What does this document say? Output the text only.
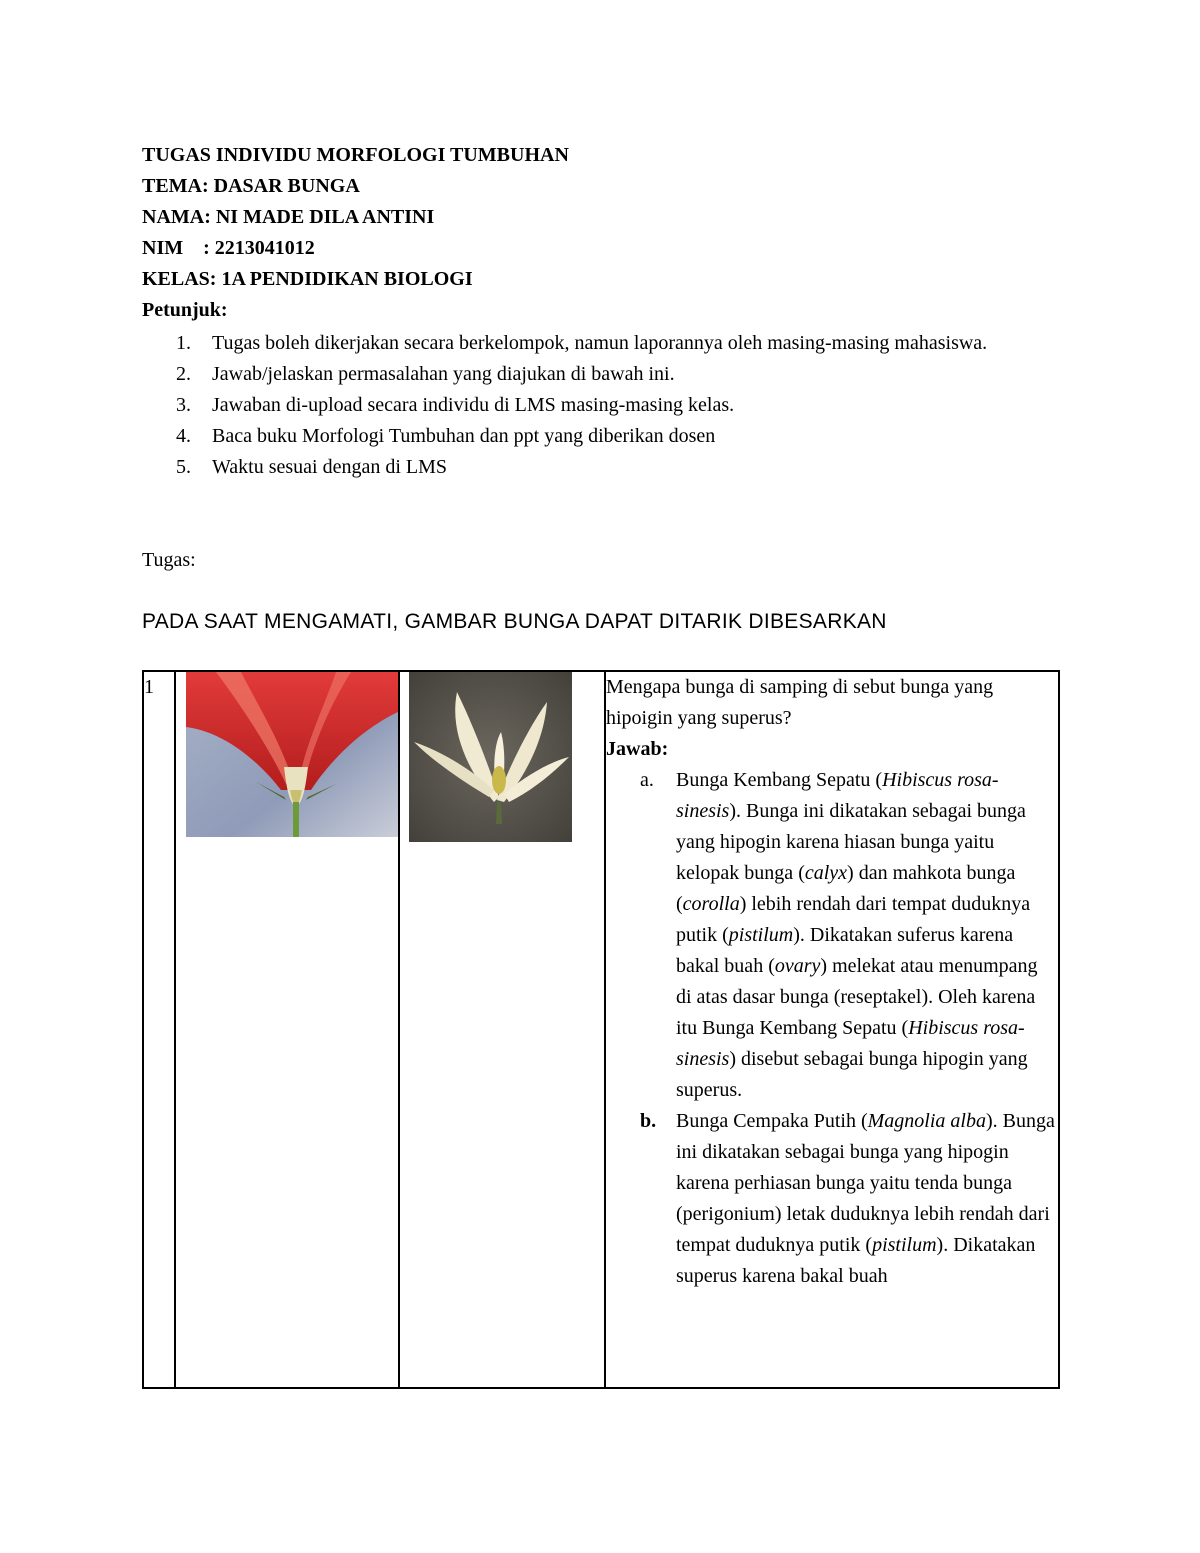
TUGAS INDIVIDU MORFOLOGI TUMBUHAN
TEMA: DASAR BUNGA
NAMA: NI MADE DILA ANTINI
NIM    : 2213041012
KELAS: 1A PENDIDIKAN BIOLOGI
Petunjuk:
1. Tugas boleh dikerjakan secara berkelompok, namun laporannya oleh masing-masing mahasiswa.
2. Jawab/jelaskan permasalahan yang diajukan di bawah ini.
3. Jawaban di-upload secara individu di LMS masing-masing kelas.
4. Baca buku Morfologi Tumbuhan dan ppt yang diberikan dosen
5. Waktu sesuai dengan di LMS
Tugas:
PADA SAAT MENGAMATI, GAMBAR BUNGA DAPAT DITARIK DIBESARKAN
1			Mengapa bunga di samping di sebut bunga yang hipoigin yang superus?
Jawab:
a. Bunga Kembang Sepatu (Hibiscus rosa-sinesis). Bunga ini dikatakan sebagai bunga yang hipogin karena hiasan bunga yaitu kelopak bunga (calyx) dan mahkota bunga (corolla) lebih rendah dari tempat duduknya putik (pistilum). Dikatakan suferus karena bakal buah (ovary) melekat atau menumpang di atas dasar bunga (reseptakel). Oleh karena itu Bunga Kembang Sepatu (Hibiscus rosa-sinesis) disebut sebagai bunga hipogin yang superus.
b. Bunga Cempaka Putih (Magnolia alba). Bunga ini dikatakan sebagai bunga yang hipogin karena perhiasan bunga yaitu tenda bunga (perigonium) letak duduknya lebih rendah dari tempat duduknya putik (pistilum). Dikatakan superus karena bakal buah
